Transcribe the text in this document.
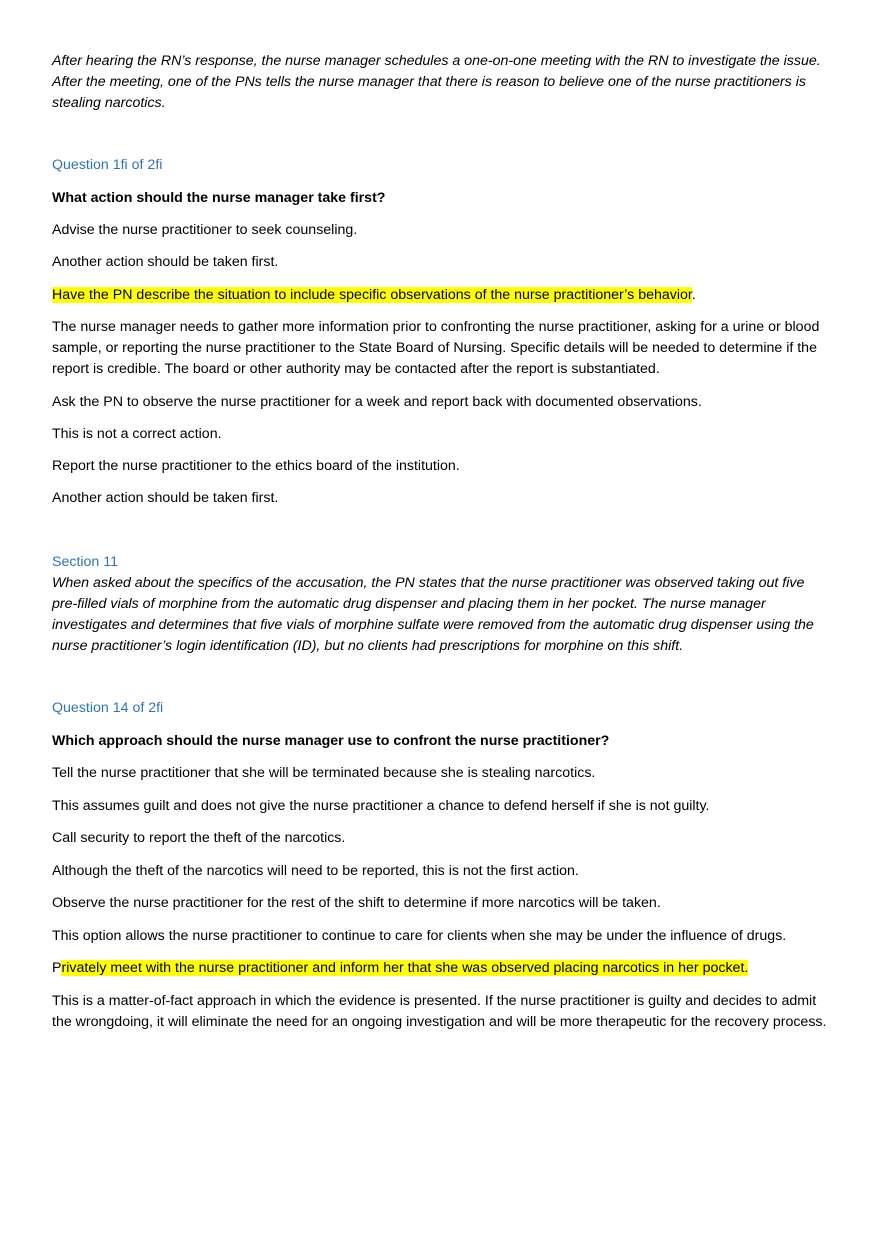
After hearing the RN’s response, the nurse manager schedules a one-on-one meeting with the RN to investigate the issue. After the meeting, one of the PNs tells the nurse manager that there is reason to believe one of the nurse practitioners is stealing narcotics.

Question 1fi of 2fi

What action should the nurse manager take first?

Advise the nurse practitioner to seek counseling.

Another action should be taken first.

Have the PN describe the situation to include specific observations of the nurse practitioner’s behavior.

The nurse manager needs to gather more information prior to confronting the nurse practitioner, asking for a urine or blood sample, or reporting the nurse practitioner to the State Board of Nursing. Specific details will be needed to determine if the report is credible. The board or other authority may be contacted after the report is substantiated.

Ask the PN to observe the nurse practitioner for a week and report back with documented observations.

This is not a correct action.

Report the nurse practitioner to the ethics board of the institution.

Another action should be taken first.

Section 11

When asked about the specifics of the accusation, the PN states that the nurse practitioner was observed taking out five pre-filled vials of morphine from the automatic drug dispenser and placing them in her pocket. The nurse manager investigates and determines that five vials of morphine sulfate were removed from the automatic drug dispenser using the nurse practitioner’s login identification (ID), but no clients had prescriptions for morphine on this shift.

Question 14 of 2fi

Which approach should the nurse manager use to confront the nurse practitioner?

Tell the nurse practitioner that she will be terminated because she is stealing narcotics.

This assumes guilt and does not give the nurse practitioner a chance to defend herself if she is not guilty.

Call security to report the theft of the narcotics.

Although the theft of the narcotics will need to be reported, this is not the first action.

Observe the nurse practitioner for the rest of the shift to determine if more narcotics will be taken.

This option allows the nurse practitioner to continue to care for clients when she may be under the influence of drugs.

Privately meet with the nurse practitioner and inform her that she was observed placing narcotics in her pocket.

This is a matter-of-fact approach in which the evidence is presented. If the nurse practitioner is guilty and decides to admit the wrongdoing, it will eliminate the need for an ongoing investigation and will be more therapeutic for the recovery process.
